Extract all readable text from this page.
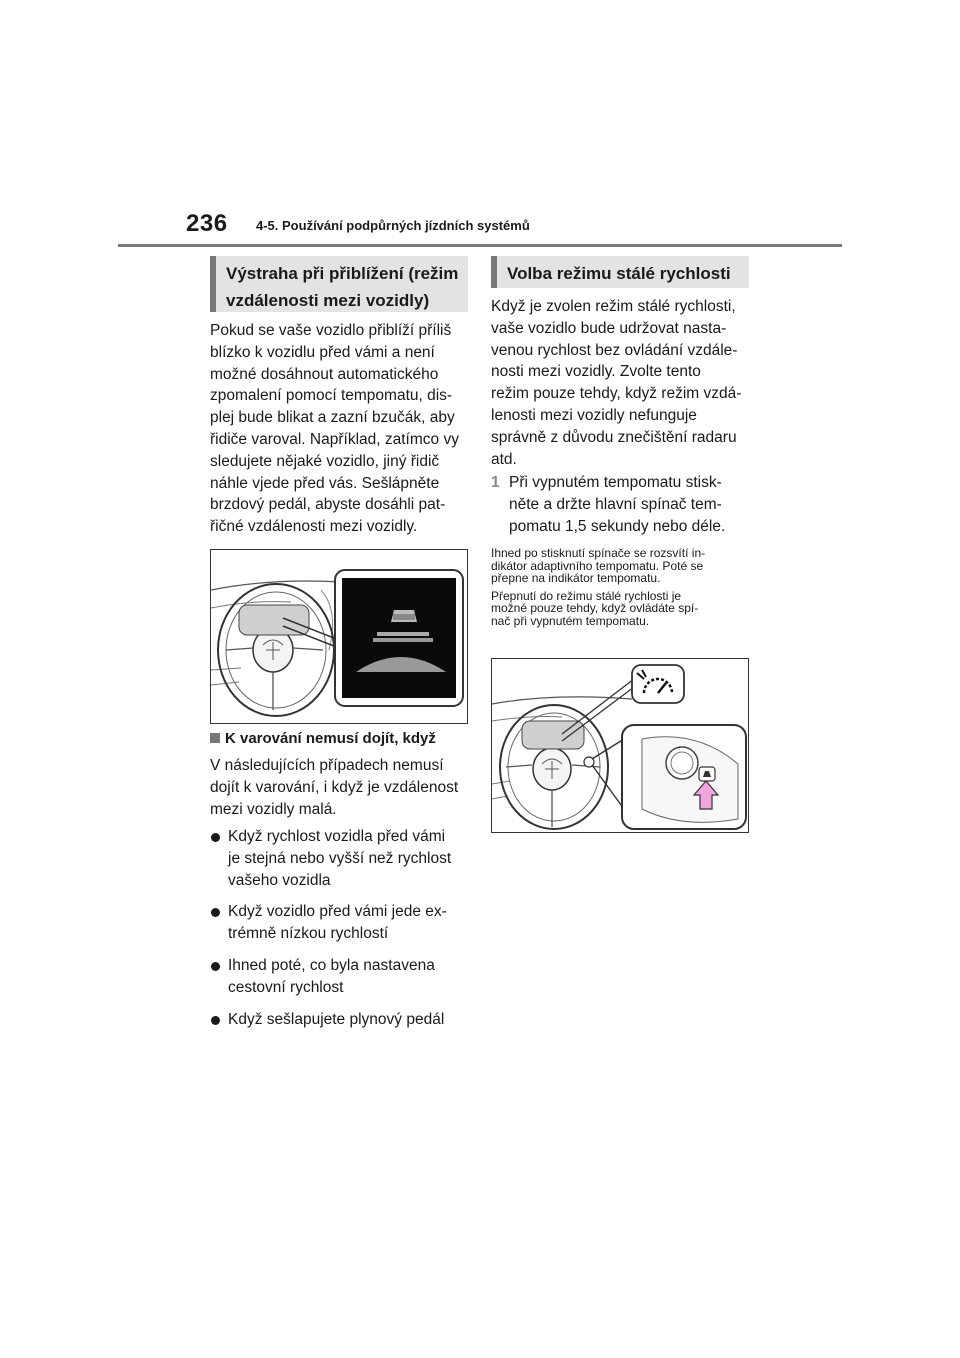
236 4-5. Používání podpůrných jízdních systémů
Výstraha při přiblížení (režim
vzdálenosti mezi vozidly)
Pokud se vaše vozidlo přiblíží příliš
blízko k vozidlu před vámi a není
možné dosáhnout automatického
zpomalení pomocí tempomatu, dis-
plej bude blikat a zazní bzučák, aby
řidiče varoval. Například, zatímco vy
sledujete nějaké vozidlo, jiný řidič
náhle vjede před vás. Sešlápněte
brzdový pedál, abyste dosáhli pat-
řičné vzdálenosti mezi vozidly.
K varování nemusí dojít, když
V následujících případech nemusí
dojít k varování, i když je vzdálenost
mezi vozidly malá.
Když rychlost vozidla před vámi
je stejná nebo vyšší než rychlost
vašeho vozidla
Když vozidlo před vámi jede ex-
trémně nízkou rychlostí
Ihned poté, co byla nastavena
cestovní rychlost
Když sešlapujete plynový pedál
Volba režimu stálé rychlosti
Když je zvolen režim stálé rychlosti,
vaše vozidlo bude udržovat nasta-
venou rychlost bez ovládání vzdále-
nosti mezi vozidly. Zvolte tento
režim pouze tehdy, když režim vzdá-
lenosti mezi vozidly nefunguje
správně z důvodu znečištění radaru
atd.
1 Při vypnutém tempomatu stisk-
něte a držte hlavní spínač tem-
pomatu 1,5 sekundy nebo déle.
Ihned po stisknutí spínače se rozsvítí in-
dikátor adaptivního tempomatu. Poté se
přepne na indikátor tempomatu.
Přepnutí do režimu stálé rychlosti je
možné pouze tehdy, když ovládáte spí-
nač při vypnutém tempomatu.
